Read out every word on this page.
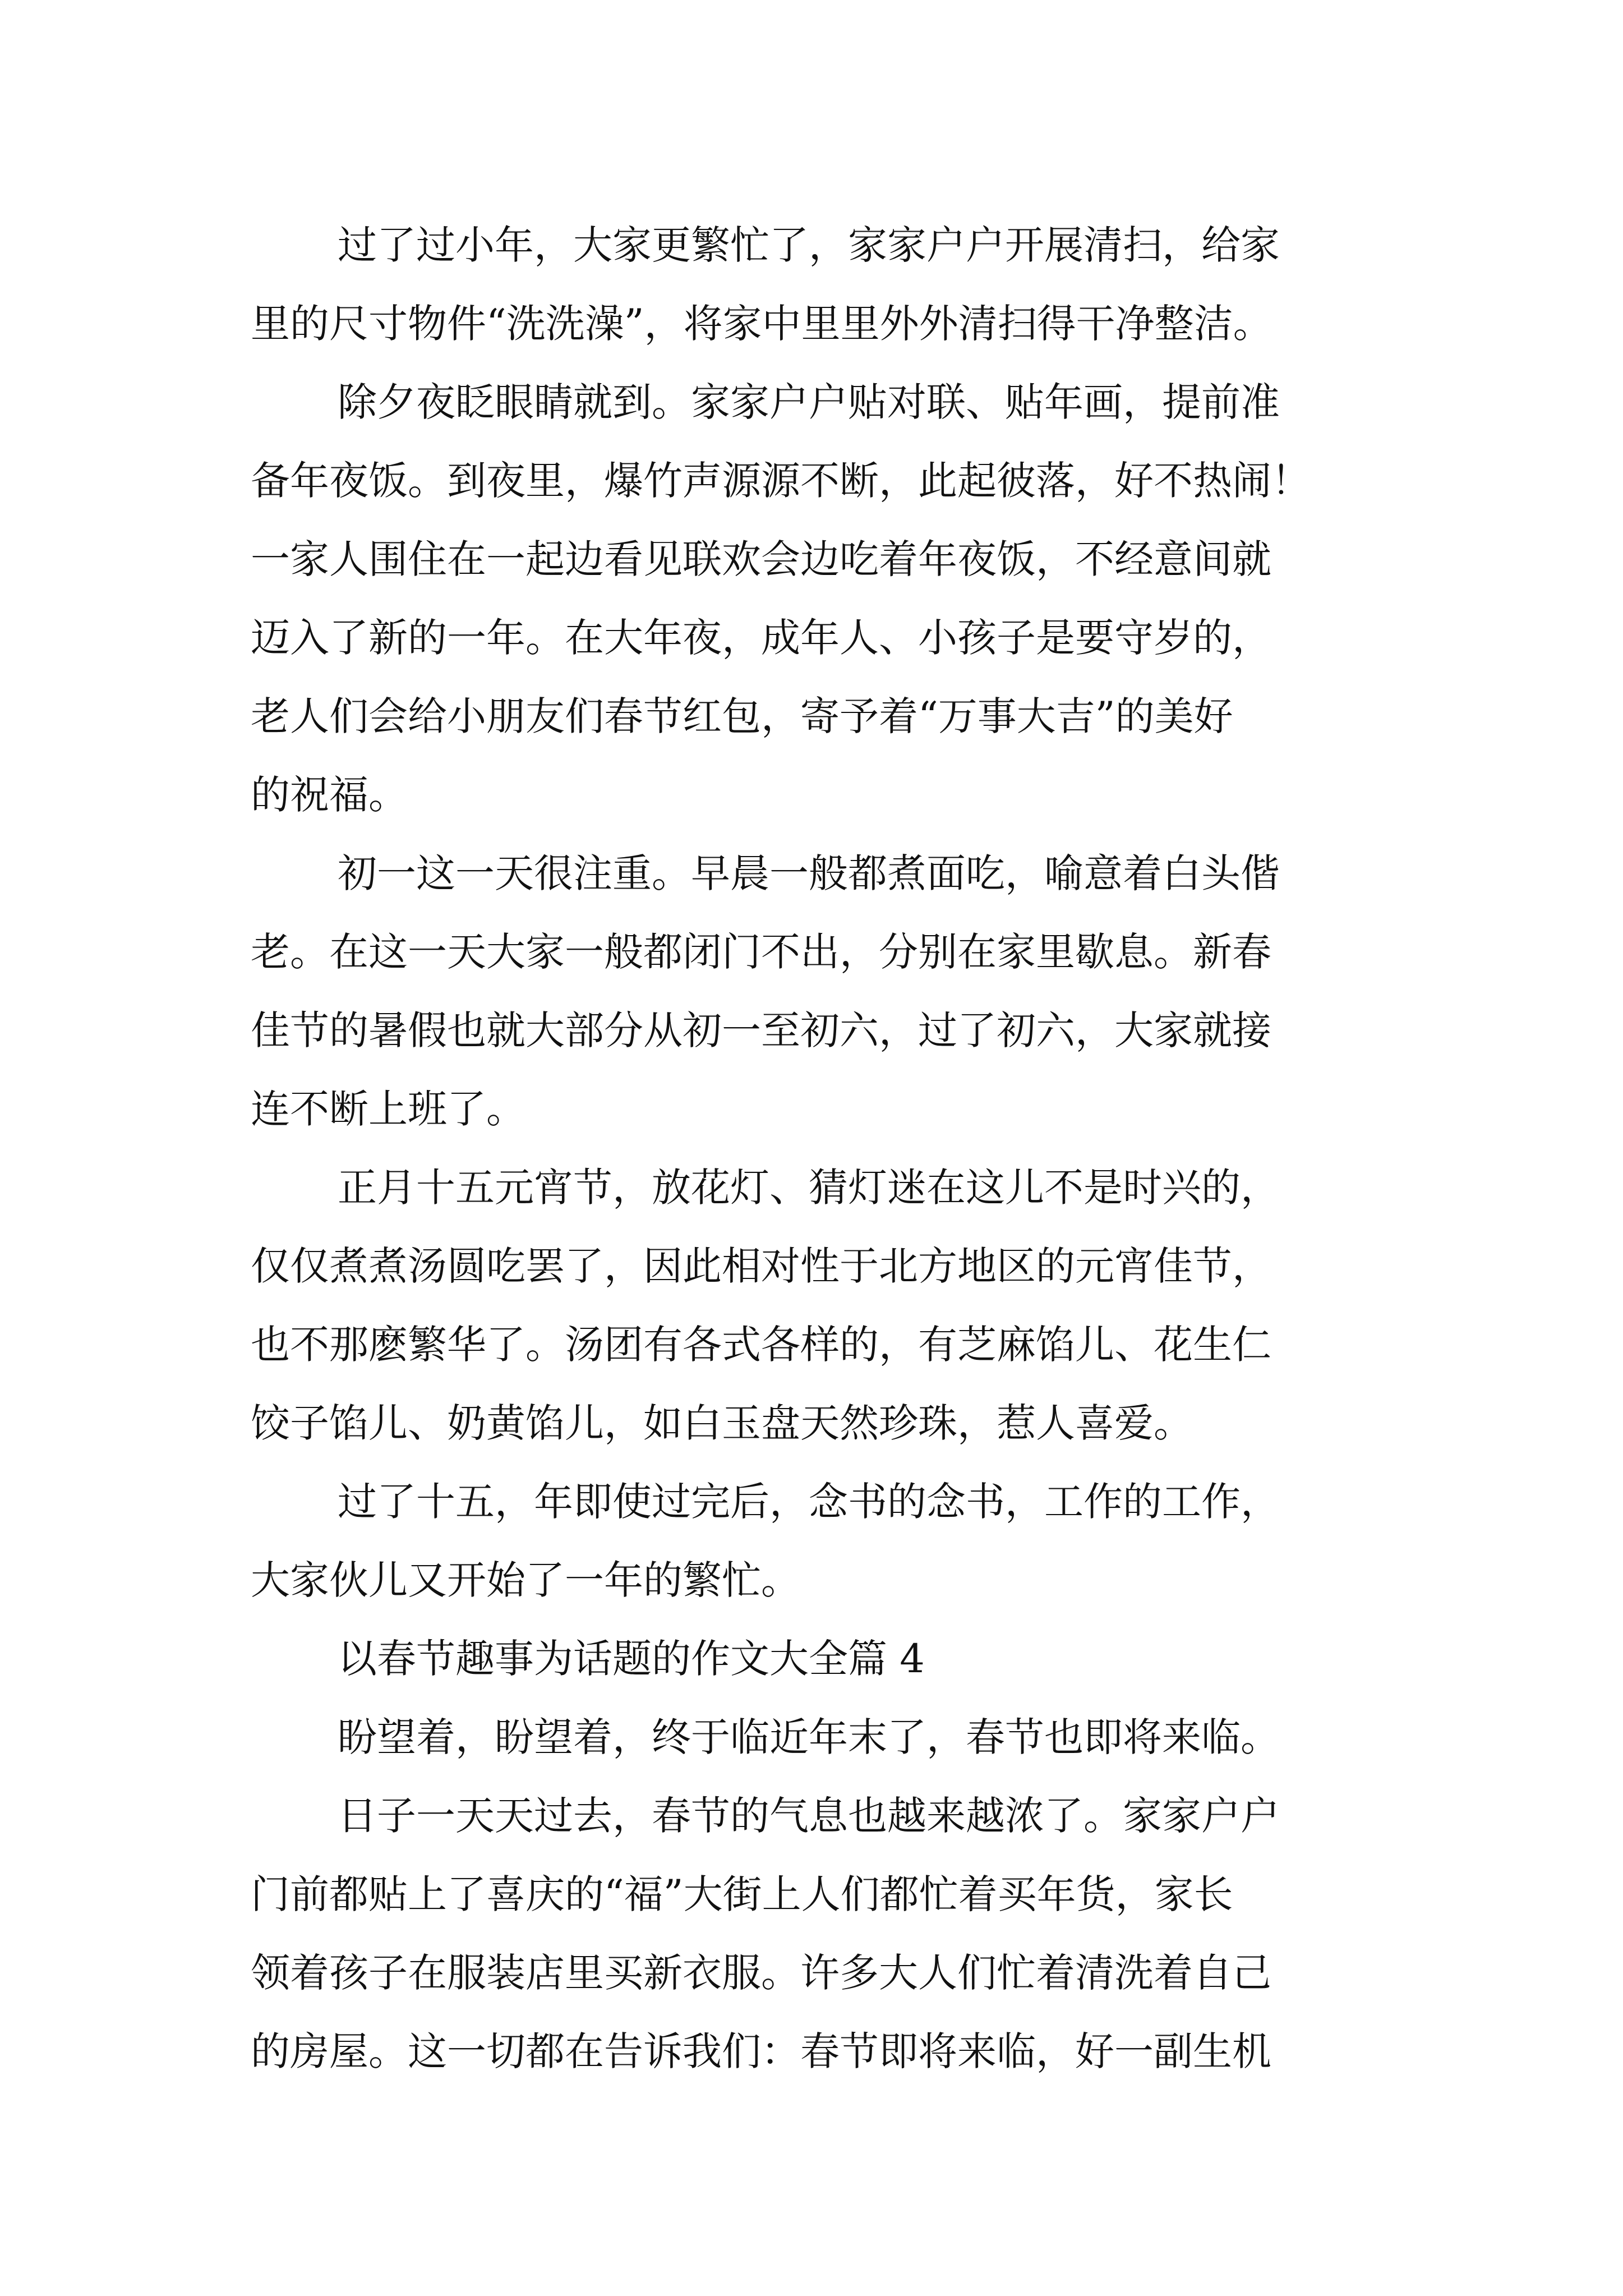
过了过小年，大家更繁忙了，家家户户开展清扫，给家
里的尺寸物件“洗洗澡”，将家中里里外外清扫得干净整洁。
除夕夜眨眼睛就到。家家户户贴对联、贴年画，提前准
备年夜饭。到夜里，爆竹声源源不断，此起彼落，好不热闹！
一家人围住在一起边看见联欢会边吃着年夜饭，不经意间就
迈入了新的一年。在大年夜，成年人、小孩子是要守岁的，
老人们会给小朋友们春节红包，寄予着“万事大吉”的美好
的祝福。
初一这一天很注重。早晨一般都煮面吃，喻意着白头偕
老。在这一天大家一般都闭门不出，分别在家里歇息。新春
佳节的暑假也就大部分从初一至初六，过了初六，大家就接
连不断上班了。
正月十五元宵节，放花灯、猜灯迷在这儿不是时兴的，
仅仅煮煮汤圆吃罢了，因此相对性于北方地区的元宵佳节，
也不那麽繁华了。汤团有各式各样的，有芝麻馅儿、花生仁
饺子馅儿、奶黄馅儿，如白玉盘天然珍珠，惹人喜爱。
过了十五，年即使过完后，念书的念书，工作的工作，
大家伙儿又开始了一年的繁忙。
以春节趣事为话题的作文大全篇 4
盼望着，盼望着，终于临近年末了，春节也即将来临。
日子一天天过去，春节的气息也越来越浓了。家家户户
门前都贴上了喜庆的“福”大街上人们都忙着买年货，家长
领着孩子在服装店里买新衣服。许多大人们忙着清洗着自己
的房屋。这一切都在告诉我们：春节即将来临，好一副生机
